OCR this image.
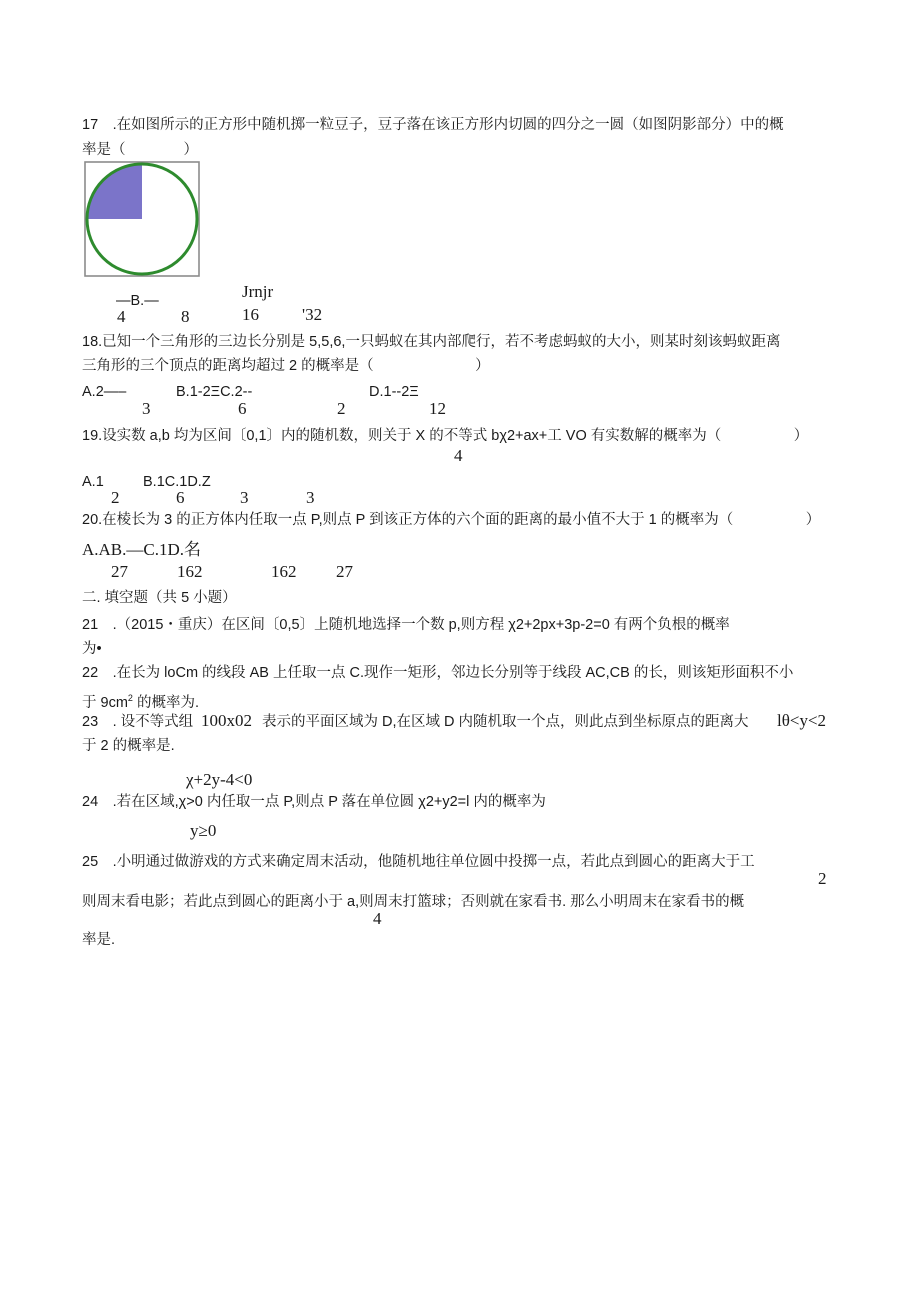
17　.在如图所示的正方形中随机掷一粒豆子，豆子落在该正方形内切圆的四分之一圆（如图阴影部分）中的概
率是（　　　　）
Jrnjr
—B.—
4	8	16	'32
18.已知一个三角形的三边长分别是 5,5,6,一只蚂蚁在其内部爬行，若不考虑蚂蚁的大小，则某时刻该蚂蚁距离
三角形的三个顶点的距离均超过 2 的概率是（　　　　　　　）
A.2—–	B.1-2ΞC.2--	D.1--2Ξ
3	6	2	12
19.设实数 a,b 均为区间〔0,1〕内的随机数，则关于 X 的不等式 bχ2+ax+工 VO 有实数解的概率为（　　　　　）
4
A.1	B.1C.1D.Z
2	6	3	3
20.在棱长为 3 的正方体内任取一点 P,则点 P 到该正方体的六个面的距离的最小值不大于 1 的概率为（　　　　　）
A.AB.—C.1D.名
27	162	162 27
二. 填空题（共 5 小题）
21　.（2015・重庆）在区间〔0,5〕上随机地选择一个数 p,则方程 χ2+2px+3p-2=0 有两个负根的概率
为•
22　.在长为 loCm 的线段 AB 上任取一点 C.现作一矩形，邻边长分别等于线段 AC,CB 的长，则该矩形面积不小
于 $9cm^2$ 的概率为.
23　. 设不等式组 100x02 表示的平面区域为 D,在区域 D 内随机取一个点，则此点到坐标原点的距离大 lθ<y<2
于 2 的概率是.
χ+2y-4<0
24　.若在区域,χ>0 内任取一点 P,则点 P 落在单位圆 χ2+y2=l 内的概率为
y≥0
25　.小明通过做游戏的方式来确定周末活动，他随机地往单位圆中投掷一点，若此点到圆心的距离大于工
2
则周末看电影；若此点到圆心的距离小于 a,则周末打篮球；否则就在家看书. 那么小明周末在家看书的概
4
率是.
